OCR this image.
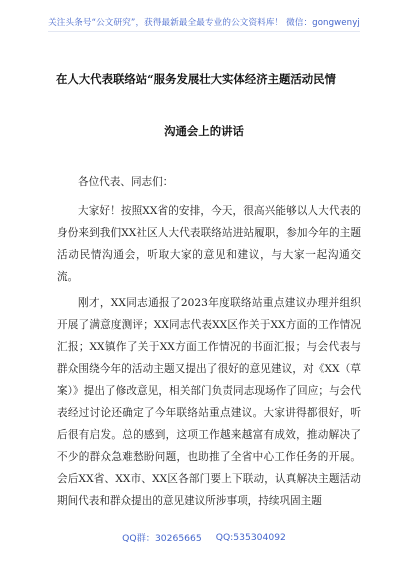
关注头条号“公文研究”，获得最新最全最专业的公文资料库！ 微信：gongwenyj
在人大代表联络站“服务发展壮大实体经济主题活动民情
沟通会上的讲话

各位代表、同志们：

大家好！按照XX省的安排，今天，很高兴能够以人大代表的身份来到我们XX社区人大代表联络站进站履职，参加今年的主题活动民情沟通会，听取大家的意见和建议，与大家一起沟通交流。

刚才，XX同志通报了2023年度联络站重点建议办理并组织开展了满意度测评；XX同志代表XX区作关于XX方面的工作情况汇报；XX镇作了关于XX方面工作情况的书面汇报；与会代表与群众围绕今年的活动主题又提出了很好的意见建议，对《XX（草案）》提出了修改意见，相关部门负责同志现场作了回应；与会代表经过讨论还确定了今年联络站重点建议。大家讲得都很好，听后很有启发。总的感到，这项工作越来越富有成效，推动解决了不少的群众急难愁盼问题，也助推了全省中心工作任务的开展。会后XX省、XX市、XX区各部门要上下联动，认真解决主题活动期间代表和群众提出的意见建议所涉事项，持续巩固主题

QQ群：30265665 QQ:535304092
